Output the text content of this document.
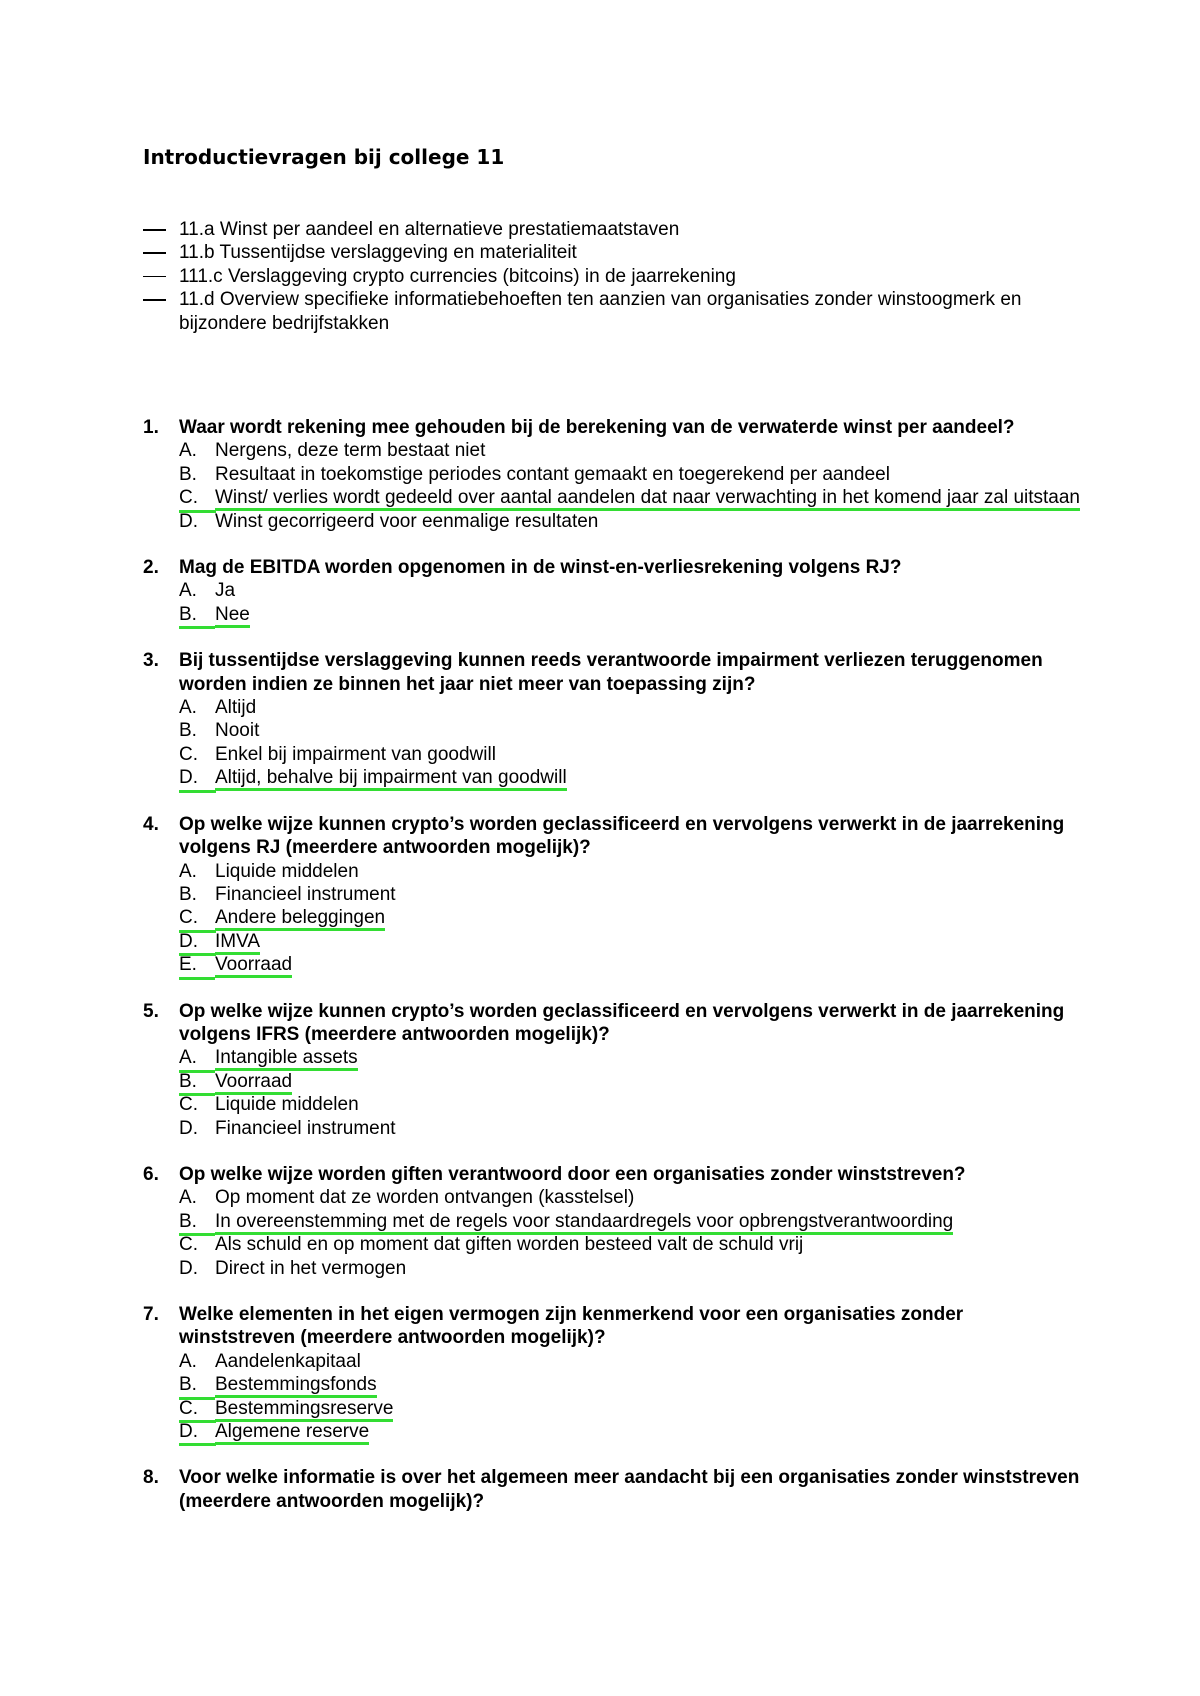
Introductievragen bij college 11
11.a Winst per aandeel en alternatieve prestatiemaatstaven
11.b Tussentijdse verslaggeving en materialiteit
111.c Verslaggeving crypto currencies (bitcoins) in de jaarrekening
11.d Overview specifieke informatiebehoeften ten aanzien van organisaties zonder winstoogmerk en bijzondere bedrijfstakken
1. Waar wordt rekening mee gehouden bij de berekening van de verwaterde winst per aandeel?
A. Nergens, deze term bestaat niet
B. Resultaat in toekomstige periodes contant gemaakt en toegerekend per aandeel
C. Winst/ verlies wordt gedeeld over aantal aandelen dat naar verwachting in het komend jaar zal uitstaan
D. Winst gecorrigeerd voor eenmalige resultaten
2. Mag de EBITDA worden opgenomen in de winst-en-verliesrekening volgens RJ?
A. Ja
B. Nee
3. Bij tussentijdse verslaggeving kunnen reeds verantwoorde impairment verliezen teruggenomen worden indien ze binnen het jaar niet meer van toepassing zijn?
A. Altijd
B. Nooit
C. Enkel bij impairment van goodwill
D. Altijd, behalve bij impairment van goodwill
4. Op welke wijze kunnen crypto’s worden geclassificeerd en vervolgens verwerkt in de jaarrekening volgens RJ (meerdere antwoorden mogelijk)?
A. Liquide middelen
B. Financieel instrument
C. Andere beleggingen
D. IMVA
E. Voorraad
5. Op welke wijze kunnen crypto’s worden geclassificeerd en vervolgens verwerkt in de jaarrekening volgens IFRS (meerdere antwoorden mogelijk)?
A. Intangible assets
B. Voorraad
C. Liquide middelen
D. Financieel instrument
6. Op welke wijze worden giften verantwoord door een organisaties zonder winststreven?
A. Op moment dat ze worden ontvangen (kasstelsel)
B. In overeenstemming met de regels voor standaardregels voor opbrengstverantwoording
C. Als schuld en op moment dat giften worden besteed valt de schuld vrij
D. Direct in het vermogen
7. Welke elementen in het eigen vermogen zijn kenmerkend voor een organisaties zonder winststreven (meerdere antwoorden mogelijk)?
A. Aandelenkapitaal
B. Bestemmingsfonds
C. Bestemmingsreserve
D. Algemene reserve
8. Voor welke informatie is over het algemeen meer aandacht bij een organisaties zonder winststreven (meerdere antwoorden mogelijk)?
